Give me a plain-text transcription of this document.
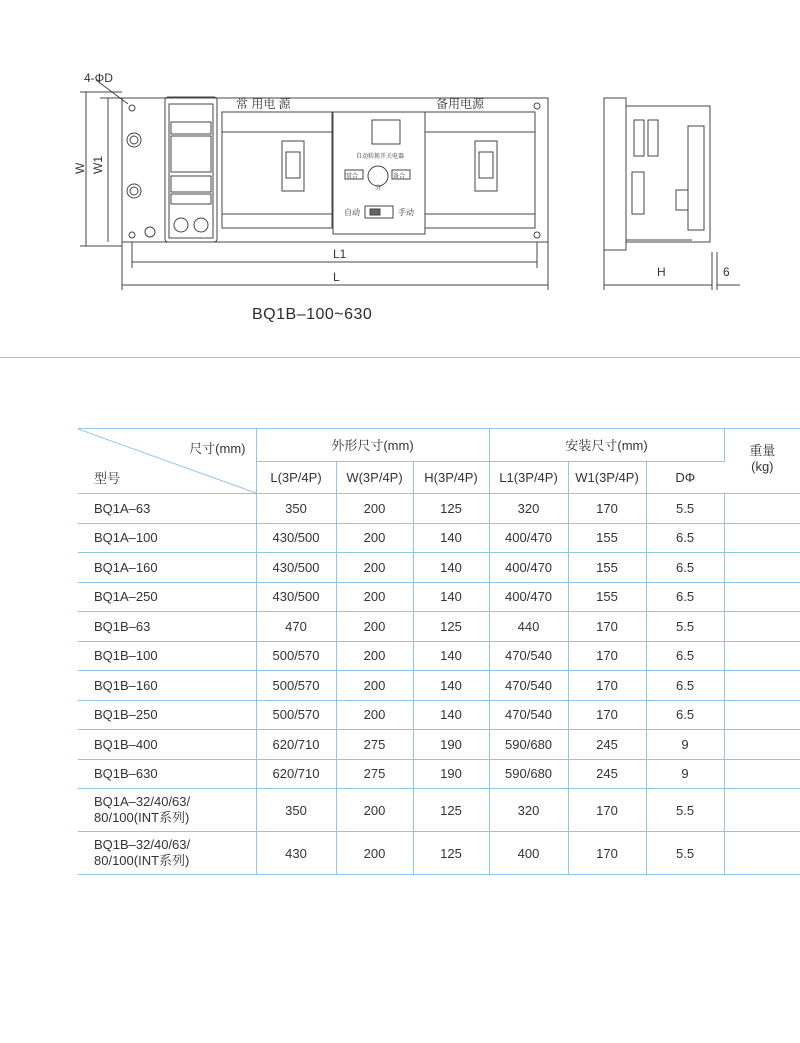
4-ΦD
W W1
L1
L	H	6
常 用电 源	备用电源
自动转换开关电器
常合	备合
分
自动	手动
BQ1B–100~630
尺寸(mm)
型号	外形尺寸(mm)			安装尺寸(mm)			重量
(kg)
	L(3P/4P)	W(3P/4P)	H(3P/4P)	L1(3P/4P)	W1(3P/4P)	DΦ	
BQ1A–63	350	200	125	320	170	5.5	
BQ1A–100	430/500	200	140	400/470	155	6.5	
BQ1A–160	430/500	200	140	400/470	155	6.5	
BQ1A–250	430/500	200	140	400/470	155	6.5	
BQ1B–63	470	200	125	440	170	5.5	
BQ1B–100	500/570	200	140	470/540	170	6.5	
BQ1B–160	500/570	200	140	470/540	170	6.5	
BQ1B–250	500/570	200	140	470/540	170	6.5	
BQ1B–400	620/710	275	190	590/680	245	9	
BQ1B–630	620/710	275	190	590/680	245	9	
BQ1A–32/40/63/
80/100(INT系列)	350	200	125	320	170	5.5	
BQ1B–32/40/63/
80/100(INT系列)	430	200	125	400	170	5.5	
